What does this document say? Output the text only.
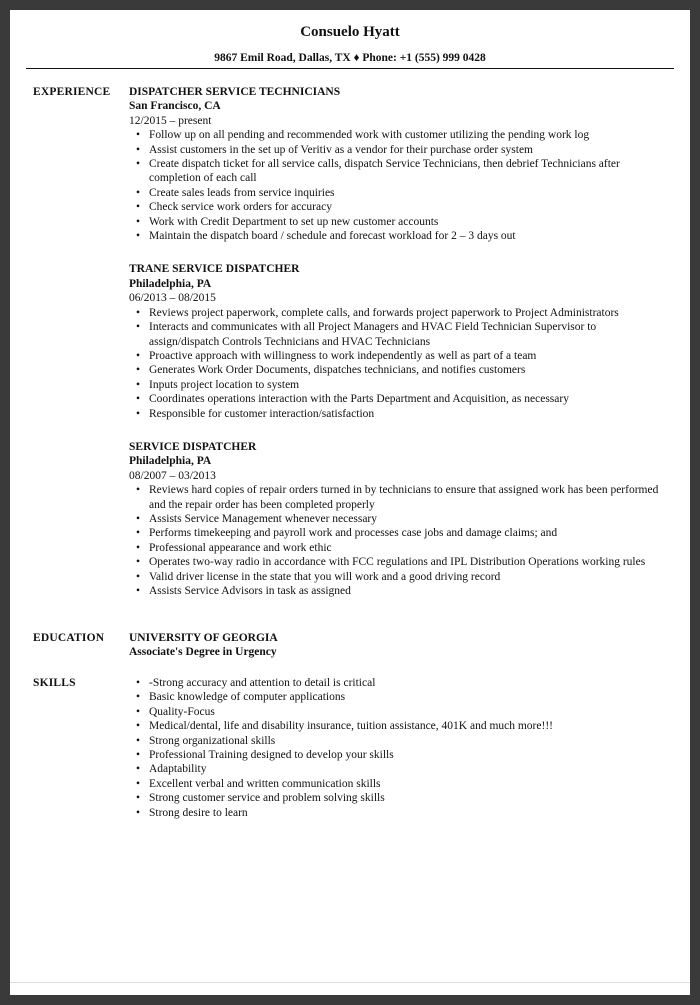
Consuelo Hyatt
9867 Emil Road, Dallas, TX ♦ Phone: +1 (555) 999 0428
EXPERIENCE DISPATCHER SERVICE TECHNICIANS
San Francisco, CA
12/2015 – present
• Follow up on all pending and recommended work with customer utilizing the pending work log
• Assist customers in the set up of Veritiv as a vendor for their purchase order system
• Create dispatch ticket for all service calls, dispatch Service Technicians, then debrief Technicians after completion of each call
• Create sales leads from service inquiries
• Check service work orders for accuracy
• Work with Credit Department to set up new customer accounts
• Maintain the dispatch board / schedule and forecast workload for 2 – 3 days out
TRANE SERVICE DISPATCHER
Philadelphia, PA
06/2013 – 08/2015
• Reviews project paperwork, complete calls, and forwards project paperwork to Project Administrators
• Interacts and communicates with all Project Managers and HVAC Field Technician Supervisor to assign/dispatch Controls Technicians and HVAC Technicians
• Proactive approach with willingness to work independently as well as part of a team
• Generates Work Order Documents, dispatches technicians, and notifies customers
• Inputs project location to system
• Coordinates operations interaction with the Parts Department and Acquisition, as necessary
• Responsible for customer interaction/satisfaction
SERVICE DISPATCHER
Philadelphia, PA
08/2007 – 03/2013
• Reviews hard copies of repair orders turned in by technicians to ensure that assigned work has been performed and the repair order has been completed properly
• Assists Service Management whenever necessary
• Performs timekeeping and payroll work and processes case jobs and damage claims; and
• Professional appearance and work ethic
• Operates two-way radio in accordance with FCC regulations and IPL Distribution Operations working rules
• Valid driver license in the state that you will work and a good driving record
• Assists Service Advisors in task as assigned
EDUCATION UNIVERSITY OF GEORGIA
Associate's Degree in Urgency
SKILLS
•	-Strong accuracy and attention to detail is critical
• Basic knowledge of computer applications
• Quality-Focus
• Medical/dental, life and disability insurance, tuition assistance, 401K and much more!!!
• Strong organizational skills
• Professional Training designed to develop your skills
• Adaptability
• Excellent verbal and written communication skills
• Strong customer service and problem solving skills
• Strong desire to learn
